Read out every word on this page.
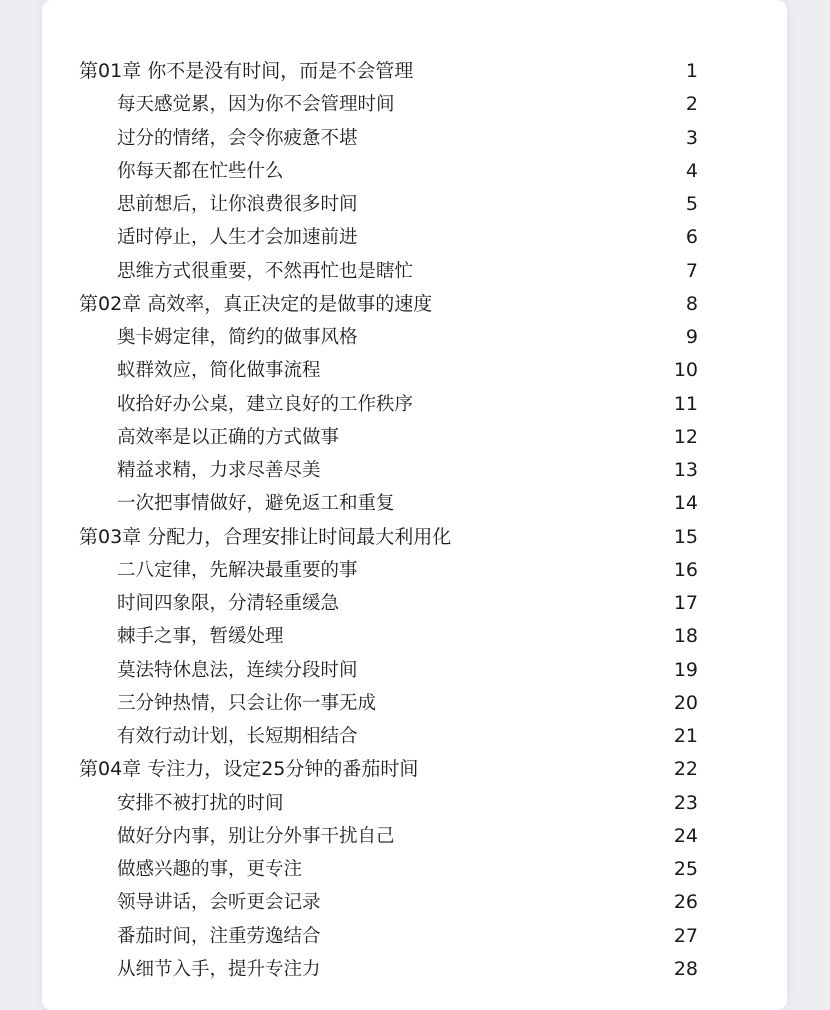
第01章 你不是没有时间，而是不会管理	1
每天感觉累，因为你不会管理时间	2
过分的情绪，会令你疲惫不堪	3
你每天都在忙些什么	4
思前想后，让你浪费很多时间	5
适时停止，人生才会加速前进	6
思维方式很重要，不然再忙也是瞎忙	7
第02章 高效率，真正决定的是做事的速度	8
奥卡姆定律，简约的做事风格	9
蚁群效应，简化做事流程	10
收拾好办公桌，建立良好的工作秩序	11
高效率是以正确的方式做事	12
精益求精，力求尽善尽美	13
一次把事情做好，避免返工和重复	14
第03章 分配力，合理安排让时间最大利用化	15
二八定律，先解决最重要的事	16
时间四象限，分清轻重缓急	17
棘手之事，暂缓处理	18
莫法特休息法，连续分段时间	19
三分钟热情，只会让你一事无成	20
有效行动计划，长短期相结合	21
第04章 专注力，设定25分钟的番茄时间	22
安排不被打扰的时间	23
做好分内事，别让分外事干扰自己	24
做感兴趣的事，更专注	25
领导讲话，会听更会记录	26
番茄时间，注重劳逸结合	27
从细节入手，提升专注力	28
